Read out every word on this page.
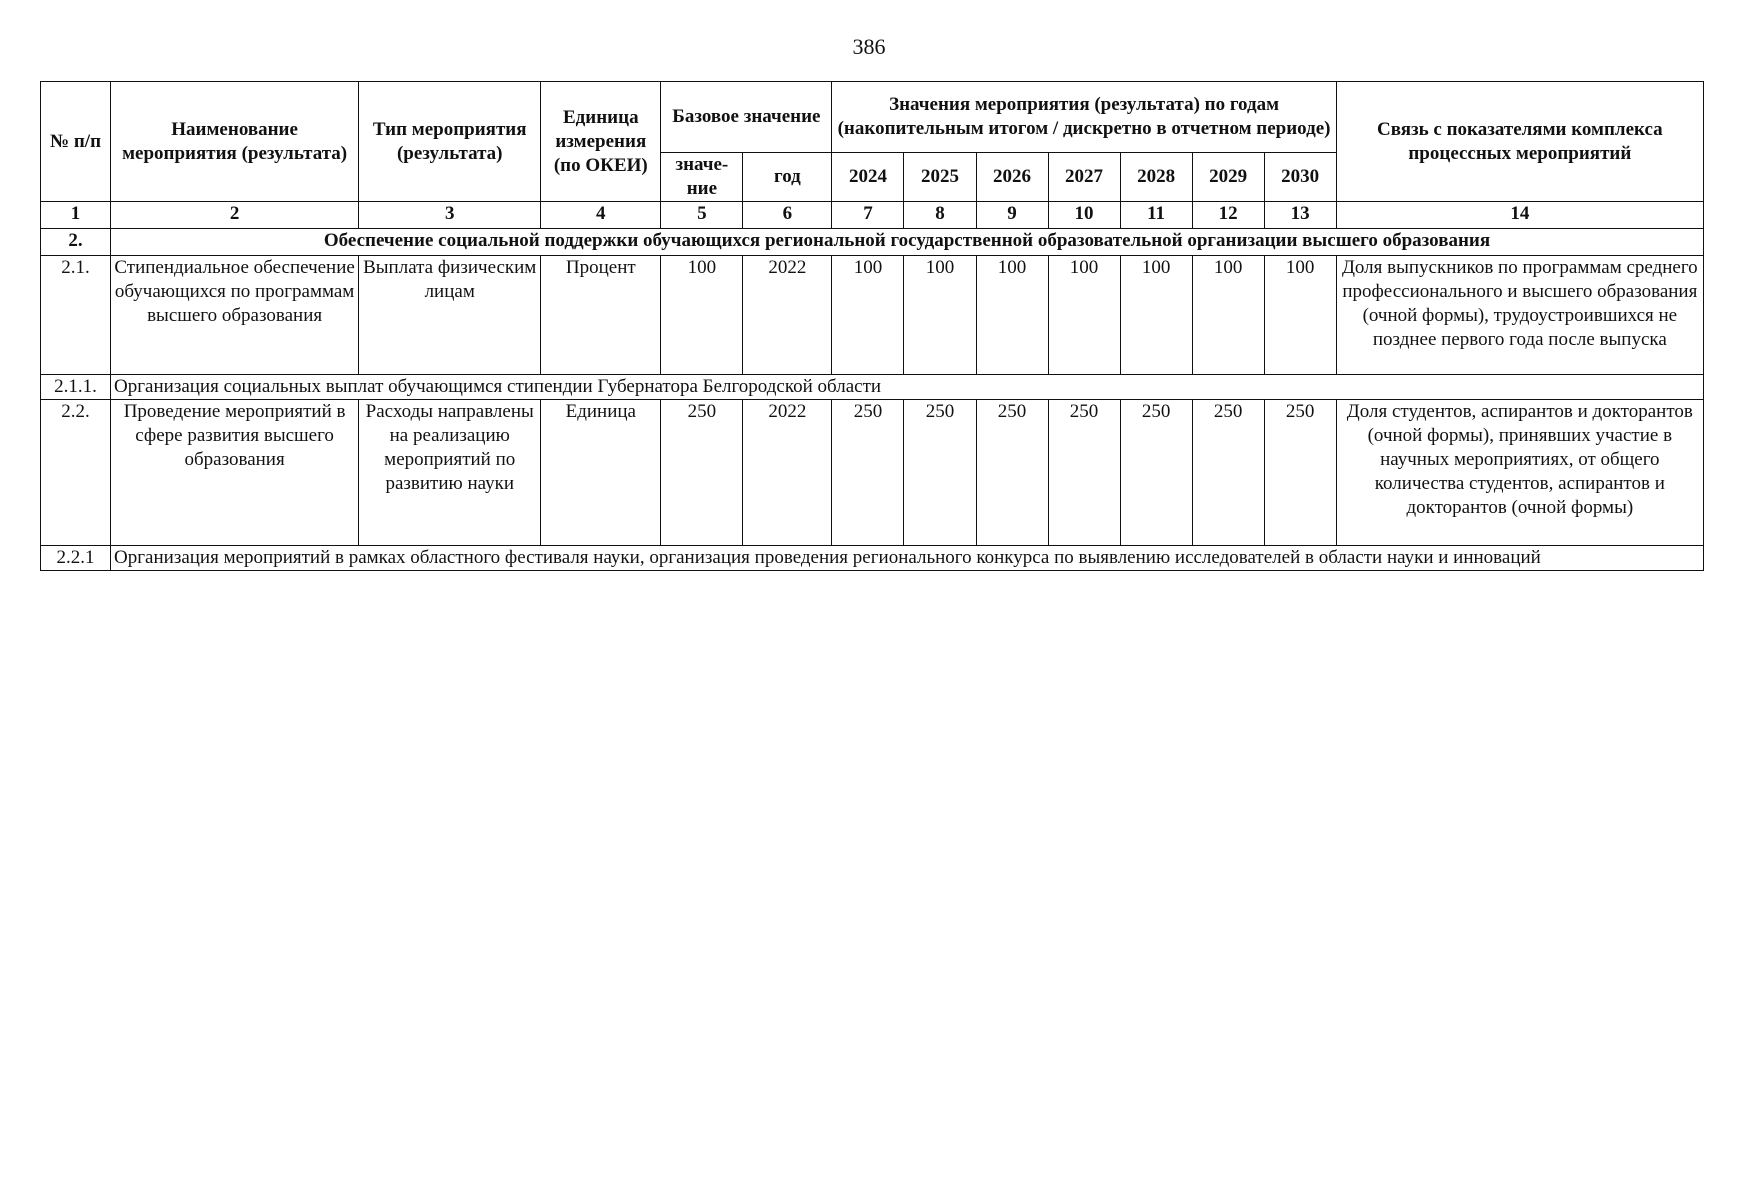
386
№ п/п	Наименование мероприятия (результата)	Тип мероприятия (результата)	Единица измерения (по ОКЕИ)	Базовое значение		Значения мероприятия (результата) по годам (накопительным итогом / дискретно в отчетном периоде)							Связь с показателями комплекса процессных мероприятий
				значе- ние	год	2024	2025	2026	2027	2028	2029	2030	
1	2	3	4	5	6	7	8	9	10	11	12	13	14
2.	Обеспечение социальной поддержки обучающихся региональной государственной образовательной организации высшего образования												
2.1.	Стипендиальное обеспечение обучающихся по программам высшего образования	Выплата физическим лицам	Процент	100	2022	100	100	100	100	100	100	100	Доля выпускников по программам среднего профессионального и высшего образования (очной формы), трудоустроившихся не позднее первого года после выпуска
2.1.1.	Организация социальных выплат обучающимся стипендии Губернатора Белгородской области												
2.2.	Проведение мероприятий в сфере развития высшего образования	Расходы направлены на реализацию мероприятий по развитию науки	Единица	250	2022	250	250	250	250	250	250	250	Доля студентов, аспирантов и докторантов (очной формы), принявших участие в научных мероприятиях, от общего количества студентов, аспирантов и докторантов (очной формы)
2.2.1	Организация мероприятий в рамках областного фестиваля науки, организация проведения регионального конкурса по выявлению исследователей в области науки и инноваций												
